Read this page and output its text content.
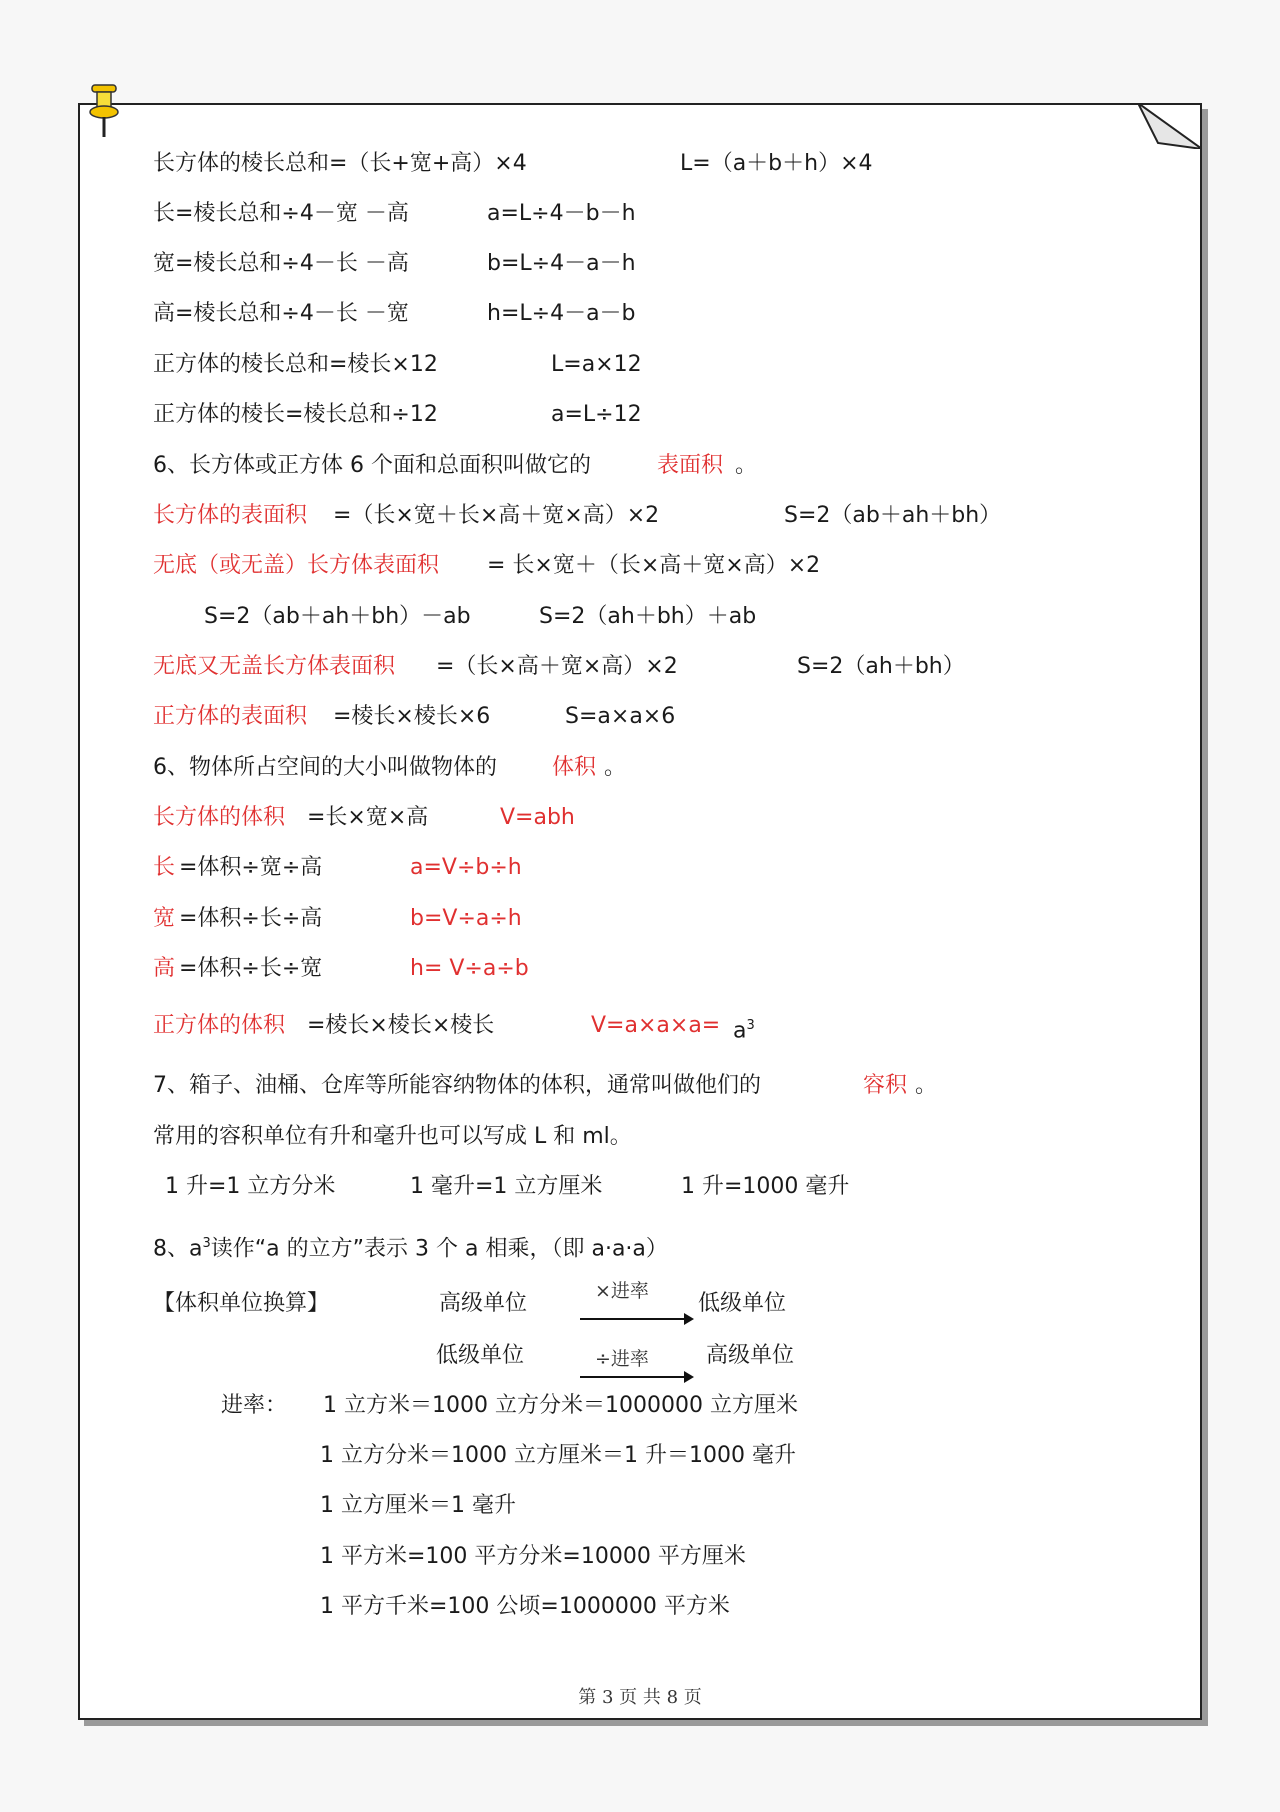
长方体的棱长总和=（长+宽+高）×4	L=（a＋b＋h）×4
长=棱长总和÷4－宽 －高	a=L÷4－b－h
宽=棱长总和÷4－长 －高	b=L÷4－a－h
高=棱长总和÷4－长 －宽	h=L÷4－a－b
正方体的棱长总和=棱长×12	L=a×12
正方体的棱长=棱长总和÷12	a=L÷12
6、长方体或正方体 6 个面和总面积叫做它的	表面积 。
长方体的表面积 =（长×宽＋长×高＋宽×高）×2	S=2（ab＋ah＋bh）
无底（或无盖）长方体表面积 = 长×宽＋（长×高＋宽×高）×2
S=2（ab＋ah＋bh）－ab	S=2（ah＋bh）＋ab
无底又无盖长方体表面积 =（长×高＋宽×高）×2	S=2（ah＋bh）
正方体的表面积 =棱长×棱长×6	S=a×a×6
6、物体所占空间的大小叫做物体的	体积 。
长方体的体积 =长×宽×高	V=abh
长 =体积÷宽÷高	a=V÷b÷h
宽 =体积÷长÷高	b=V÷a÷h
高 =体积÷长÷宽	h= V÷a÷b
正方体的体积 =棱长×棱长×棱长	$V=a\times a\times a= a^3$
7、箱子、油桶、仓库等所能容纳物体的体积，通常叫做他们的	容积 。
常用的容积单位有升和毫升也可以写成 L 和 ml。
1 升=1 立方分米	1 毫升=1 立方厘米	1 升=1000 毫升
8、$a^3$读作“a 的立方”表示 3 个 a 相乘，（即 a·a·a）
【体积单位换算】	高级单位	低级单位
低级单位	高级单位
进率： 1 立方米＝1000 立方分米＝1000000 立方厘米
1 立方分米＝1000 立方厘米＝1 升＝1000 毫升
1 立方厘米＝1 毫升
1 平方米=100 平方分米=10000 平方厘米
1 平方千米=100 公顷=1000000 平方米
×进率
÷进率
第 3 页 共 8 页
